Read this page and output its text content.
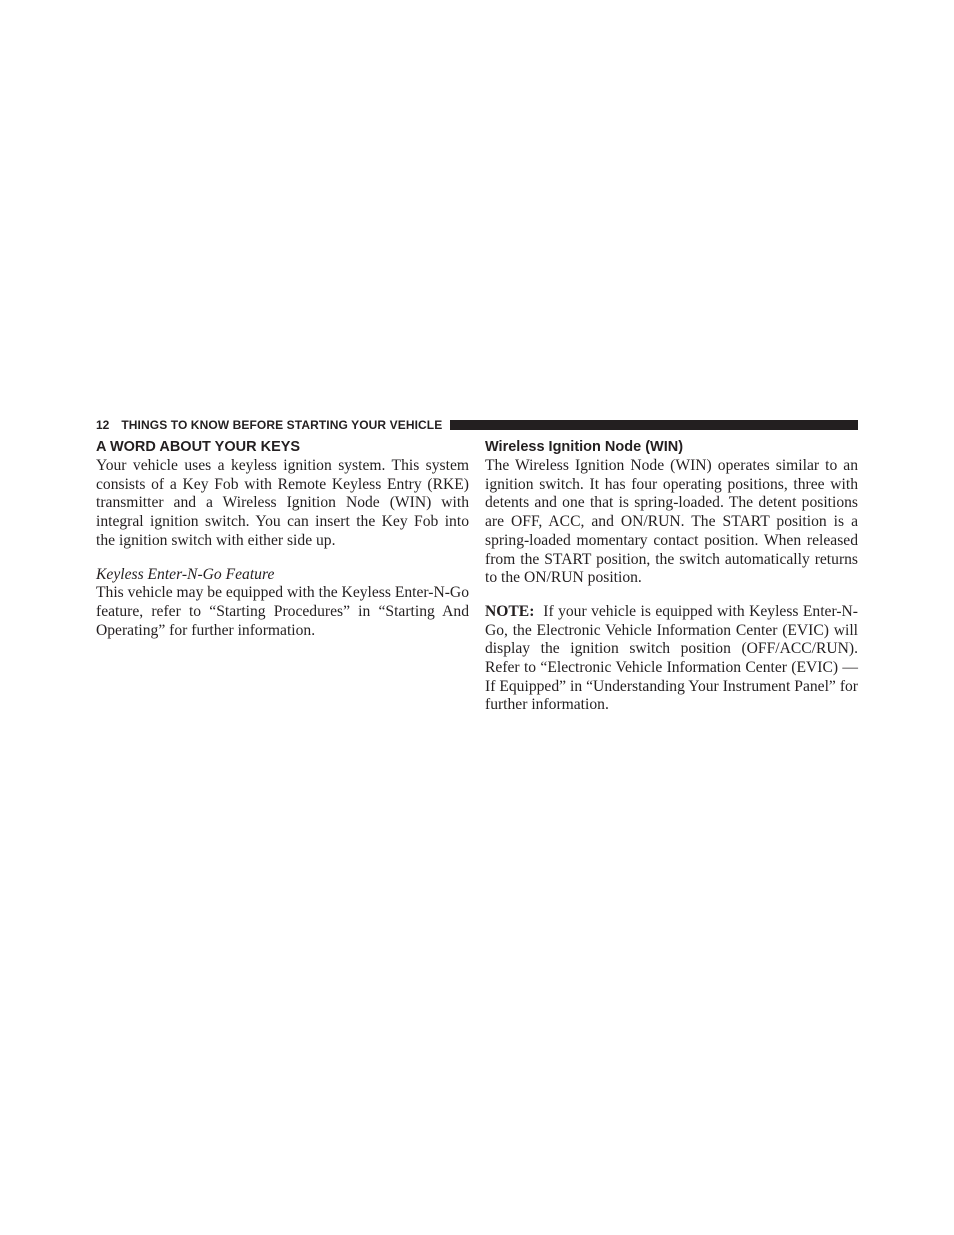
12 THINGS TO KNOW BEFORE STARTING YOUR VEHICLE
A WORD ABOUT YOUR KEYS

Your vehicle uses a keyless ignition system. This system consists of a Key Fob with Remote Keyless Entry (RKE) transmitter and a Wireless Ignition Node (WIN) with integral ignition switch. You can insert the Key Fob into the ignition switch with either side up.

Keyless Enter-N-Go Feature

This vehicle may be equipped with the Keyless Enter-N-Go feature, refer to “Starting Procedures” in “Starting And Operating” for further information.

Wireless Ignition Node (WIN)

The Wireless Ignition Node (WIN) operates similar to an ignition switch. It has four operating positions, three with detents and one that is spring-loaded. The detent positions are OFF, ACC, and ON/RUN. The START position is a spring-loaded momentary contact position. When released from the START position, the switch automatically returns to the ON/RUN position.

NOTE: If your vehicle is equipped with Keyless Enter-N-Go, the Electronic Vehicle Information Center (EVIC) will display the ignition switch position (OFF/ACC/RUN). Refer to “Electronic Vehicle Information Center (EVIC) — If Equipped” in “Understanding Your Instrument Panel” for further information.
